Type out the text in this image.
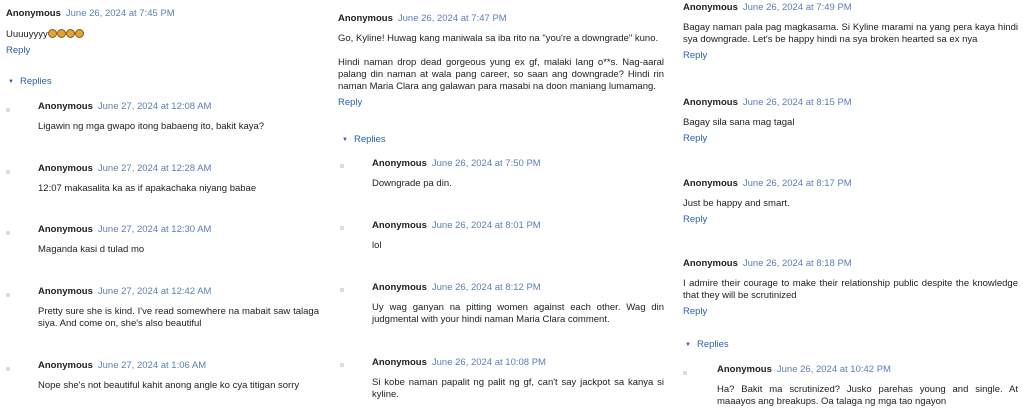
Anonymous June 26, 2024 at 7:45 PM
Uuuuyyyy
Reply
▼ Replies
Anonymous June 27, 2024 at 12:08 AM
Ligawin ng mga gwapo itong babaeng ito, bakit kaya?
Anonymous June 27, 2024 at 12:28 AM
12:07 makasalita ka as if apakachaka niyang babae
Anonymous June 27, 2024 at 12:30 AM
Maganda kasi d tulad mo
Anonymous June 27, 2024 at 12:42 AM
Pretty sure she is kind. I've read somewhere na mabait saw talaga siya. And come on, she's also beautiful
Anonymous June 27, 2024 at 1:06 AM
Nope she's not beautiful kahit anong angle ko cya titigan sorry
Anonymous June 26, 2024 at 7:47 PM
Go, Kyline! Huwag kang maniwala sa iba rito na "you're a downgrade" kuno.
Hindi naman drop dead gorgeous yung ex gf, malaki lang o**s. Nag-aaral palang din naman at wala pang career, so saan ang downgrade? Hindi rin naman Maria Clara ang galawan para masabi na doon maniang lumamang.
Reply
▼ Replies
Anonymous June 26, 2024 at 7:50 PM
Downgrade pa din.
Anonymous June 26, 2024 at 8:01 PM
lol
Anonymous June 26, 2024 at 8:12 PM
Uy wag ganyan na pitting women against each other. Wag din judgmental with your hindi naman Maria Clara comment.
Anonymous June 26, 2024 at 10:08 PM
Si kobe naman papalit ng palit ng gf, can't say jackpot sa kanya si kyline.
Anonymous June 26, 2024 at 7:49 PM
Bagay naman pala pag magkasama. Si Kyline marami na yang pera kaya hindi sya downgrade. Let's be happy hindi na sya broken hearted sa ex nya
Reply
Anonymous June 26, 2024 at 8:15 PM
Bagay sila sana mag tagal
Reply
Anonymous June 26, 2024 at 8:17 PM
Just be happy and smart.
Reply
Anonymous June 26, 2024 at 8:18 PM
I admire their courage to make their relationship public despite the knowledge that they will be scrutinized
Reply
▼ Replies
Anonymous June 26, 2024 at 10:42 PM
Ha? Bakit ma scrutinized? Jusko parehas young and single. At maaayos ang breakups. Oa talaga ng mga tao ngayon
